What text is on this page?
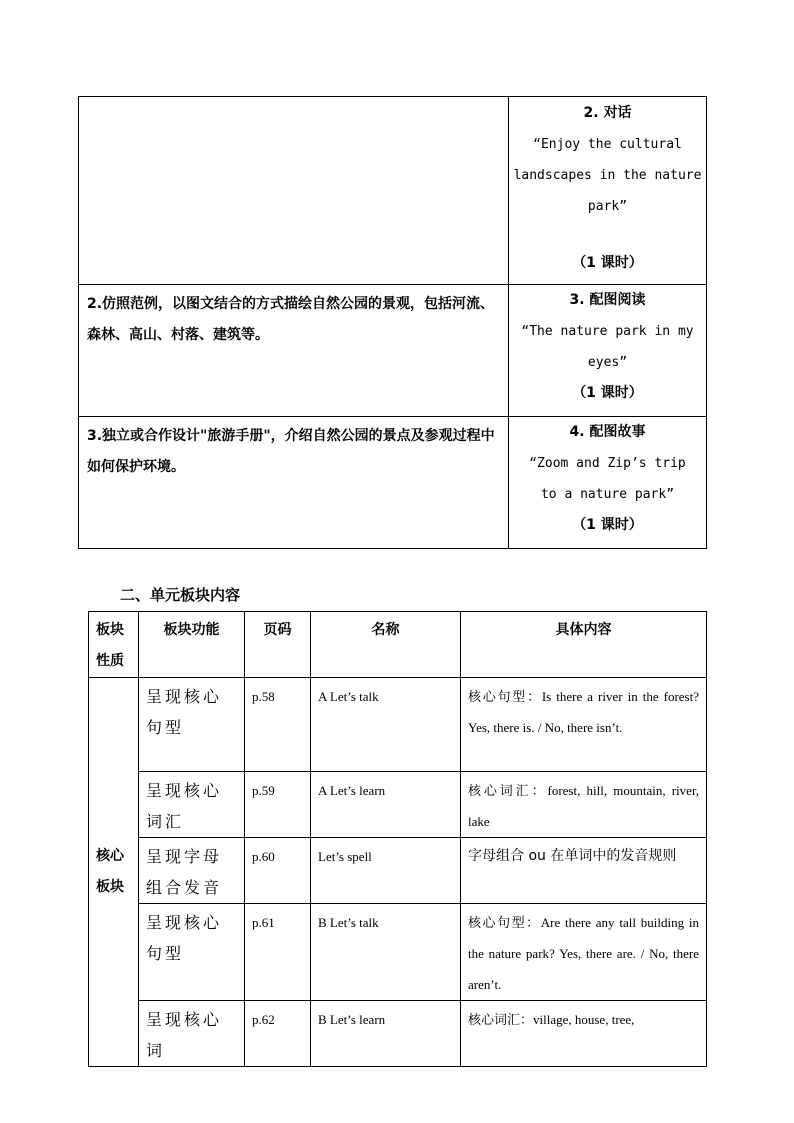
	2. 对话
“Enjoy the cultural
landscapes in the nature
park”
（1 课时）

2.仿照范例，以图文结合的方式描绘自然公园的景观，包括河流、森林、高山、村落、建筑等。	3. 配图阅读
“The nature park in my
eyes”
（1 课时）

3.独立或合作设计"旅游手册"，介绍自然公园的景点及参观过程中如何保护环境。	4. 配图故事
“Zoom and Zip’s trip
to a nature park”
（1 课时）
二、单元板块内容
板块性质	板块功能	页码	名称	具体内容
核心板块	呈现核心句型	p.58	A Let’s talk	核心句型：Is there a river in the forest? Yes, there is. / No, there isn’t.
	呈现核心词汇	p.59	A Let’s learn	核心词汇：forest, hill, mountain, river, lake
	呈现字母组合发音	p.60	Let’s spell	字母组合 ou 在单词中的发音规则
	呈现核心句型	p.61	B Let’s talk	核心句型：Are there any tall building in the nature park? Yes, there are. / No, there aren’t.
	呈现核心词	p.62	B Let’s learn	核心词汇：village, house, tree,
